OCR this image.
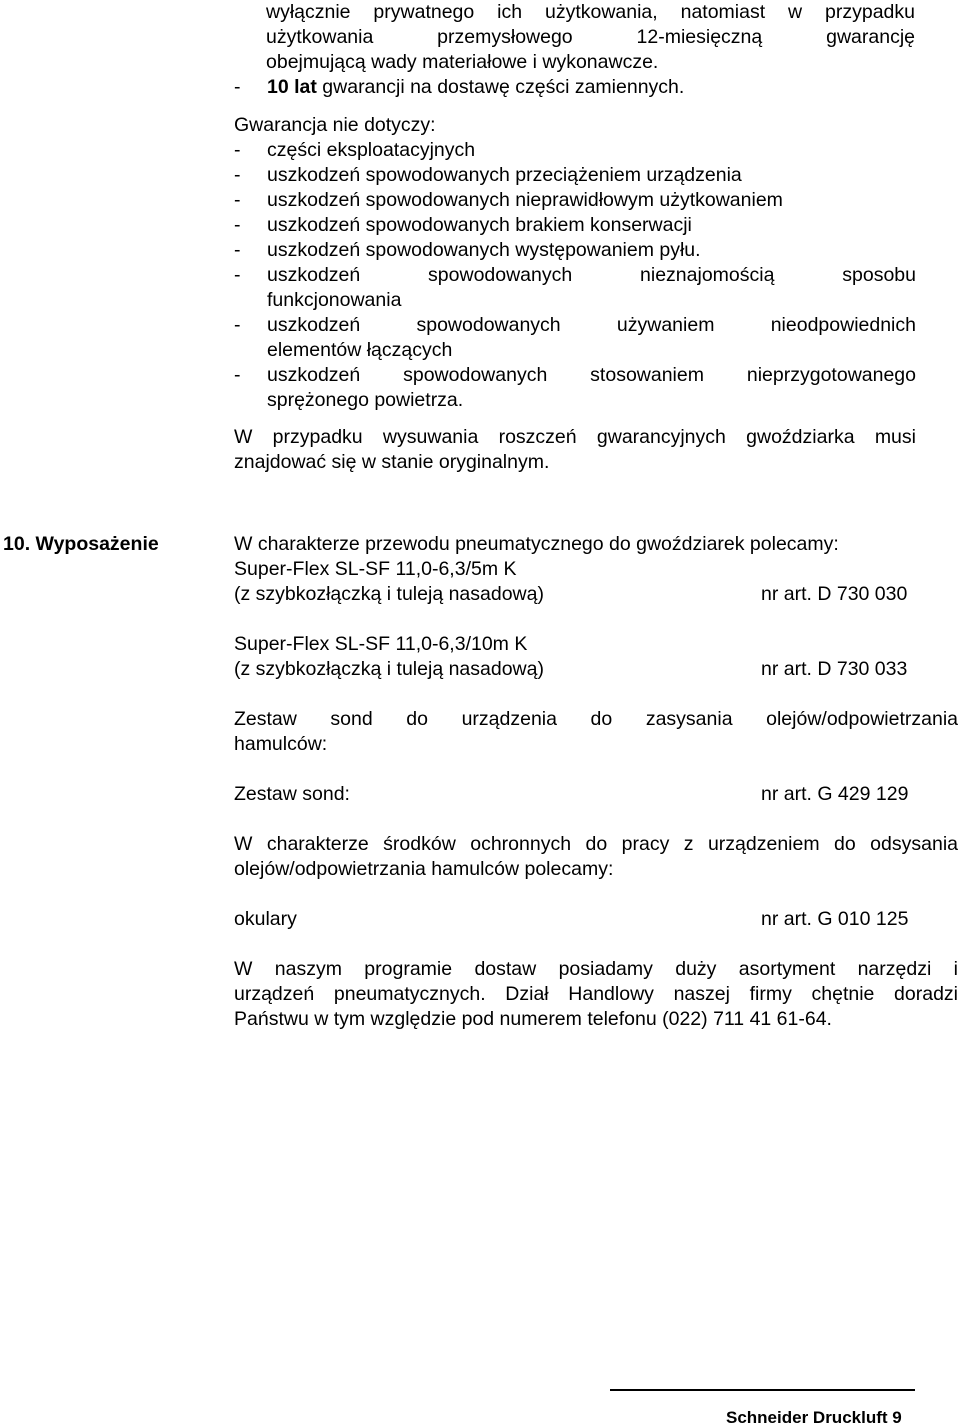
wyłącznie prywatnego ich użytkowania, natomiast w przypadku
użytkowania przemysłowego 12-miesięczną gwarancję
obejmującą wady materiałowe i wykonawcze.
- 10 lat gwarancji na dostawę części zamiennych.
Gwarancja nie dotyczy:
- części eksploatacyjnych
- uszkodzeń spowodowanych przeciążeniem urządzenia
- uszkodzeń spowodowanych nieprawidłowym użytkowaniem
- uszkodzeń spowodowanych brakiem konserwacji
- uszkodzeń spowodowanych występowaniem pyłu.
- uszkodzeń spowodowanych nieznajomością sposobu
funkcjonowania
- uszkodzeń spowodowanych używaniem nieodpowiednich
elementów łączących
- uszkodzeń spowodowanych stosowaniem nieprzygotowanego
sprężonego powietrza.
W przypadku wysuwania roszczeń gwarancyjnych gwoździarka musi
znajdować się w stanie oryginalnym.
10. Wyposażenie	W charakterze przewodu pneumatycznego do gwoździarek polecamy:
Super-Flex SL-SF 11,0-6,3/5m K
(z szybkozłączką i tuleją nasadową)	nr art. D 730 030
Super-Flex SL-SF 11,0-6,3/10m K
(z szybkozłączką i tuleją nasadową)	nr art. D 730 033
Zestaw sond do urządzenia do zasysania olejów/odpowietrzania
hamulców:
Zestaw sond:	nr art. G 429 129
W charakterze środków ochronnych do pracy z urządzeniem do odsysania
olejów/odpowietrzania hamulców polecamy:
okulary	nr art. G 010 125
W naszym programie dostaw posiadamy duży asortyment narzędzi i
urządzeń pneumatycznych. Dział Handlowy naszej firmy chętnie doradzi
Państwu w tym względzie pod numerem telefonu (022) 711 41 61-64.
Schneider Druckluft 9
